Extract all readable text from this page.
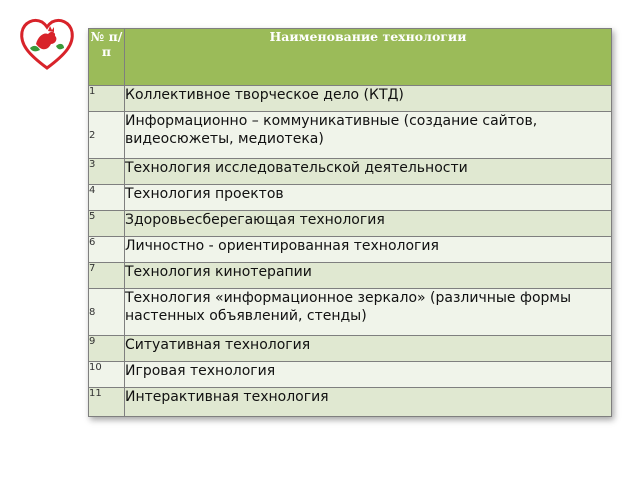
№ п/п	Наименование технологии
1	Коллективное творческое дело (КТД)
2	Информационно – коммуникативные (создание сайтов, видеосюжеты, медиотека)
3	Технология исследовательской деятельности
4	Технология проектов
5	Здоровьесберегающая технология
6	Личностно - ориентированная технология
7	Технология кинотерапии
8	Технология «информационное зеркало» (различные формы настенных объявлений, стенды)
9	Ситуативная технология
10	Игровая технология
11	Интерактивная технология
